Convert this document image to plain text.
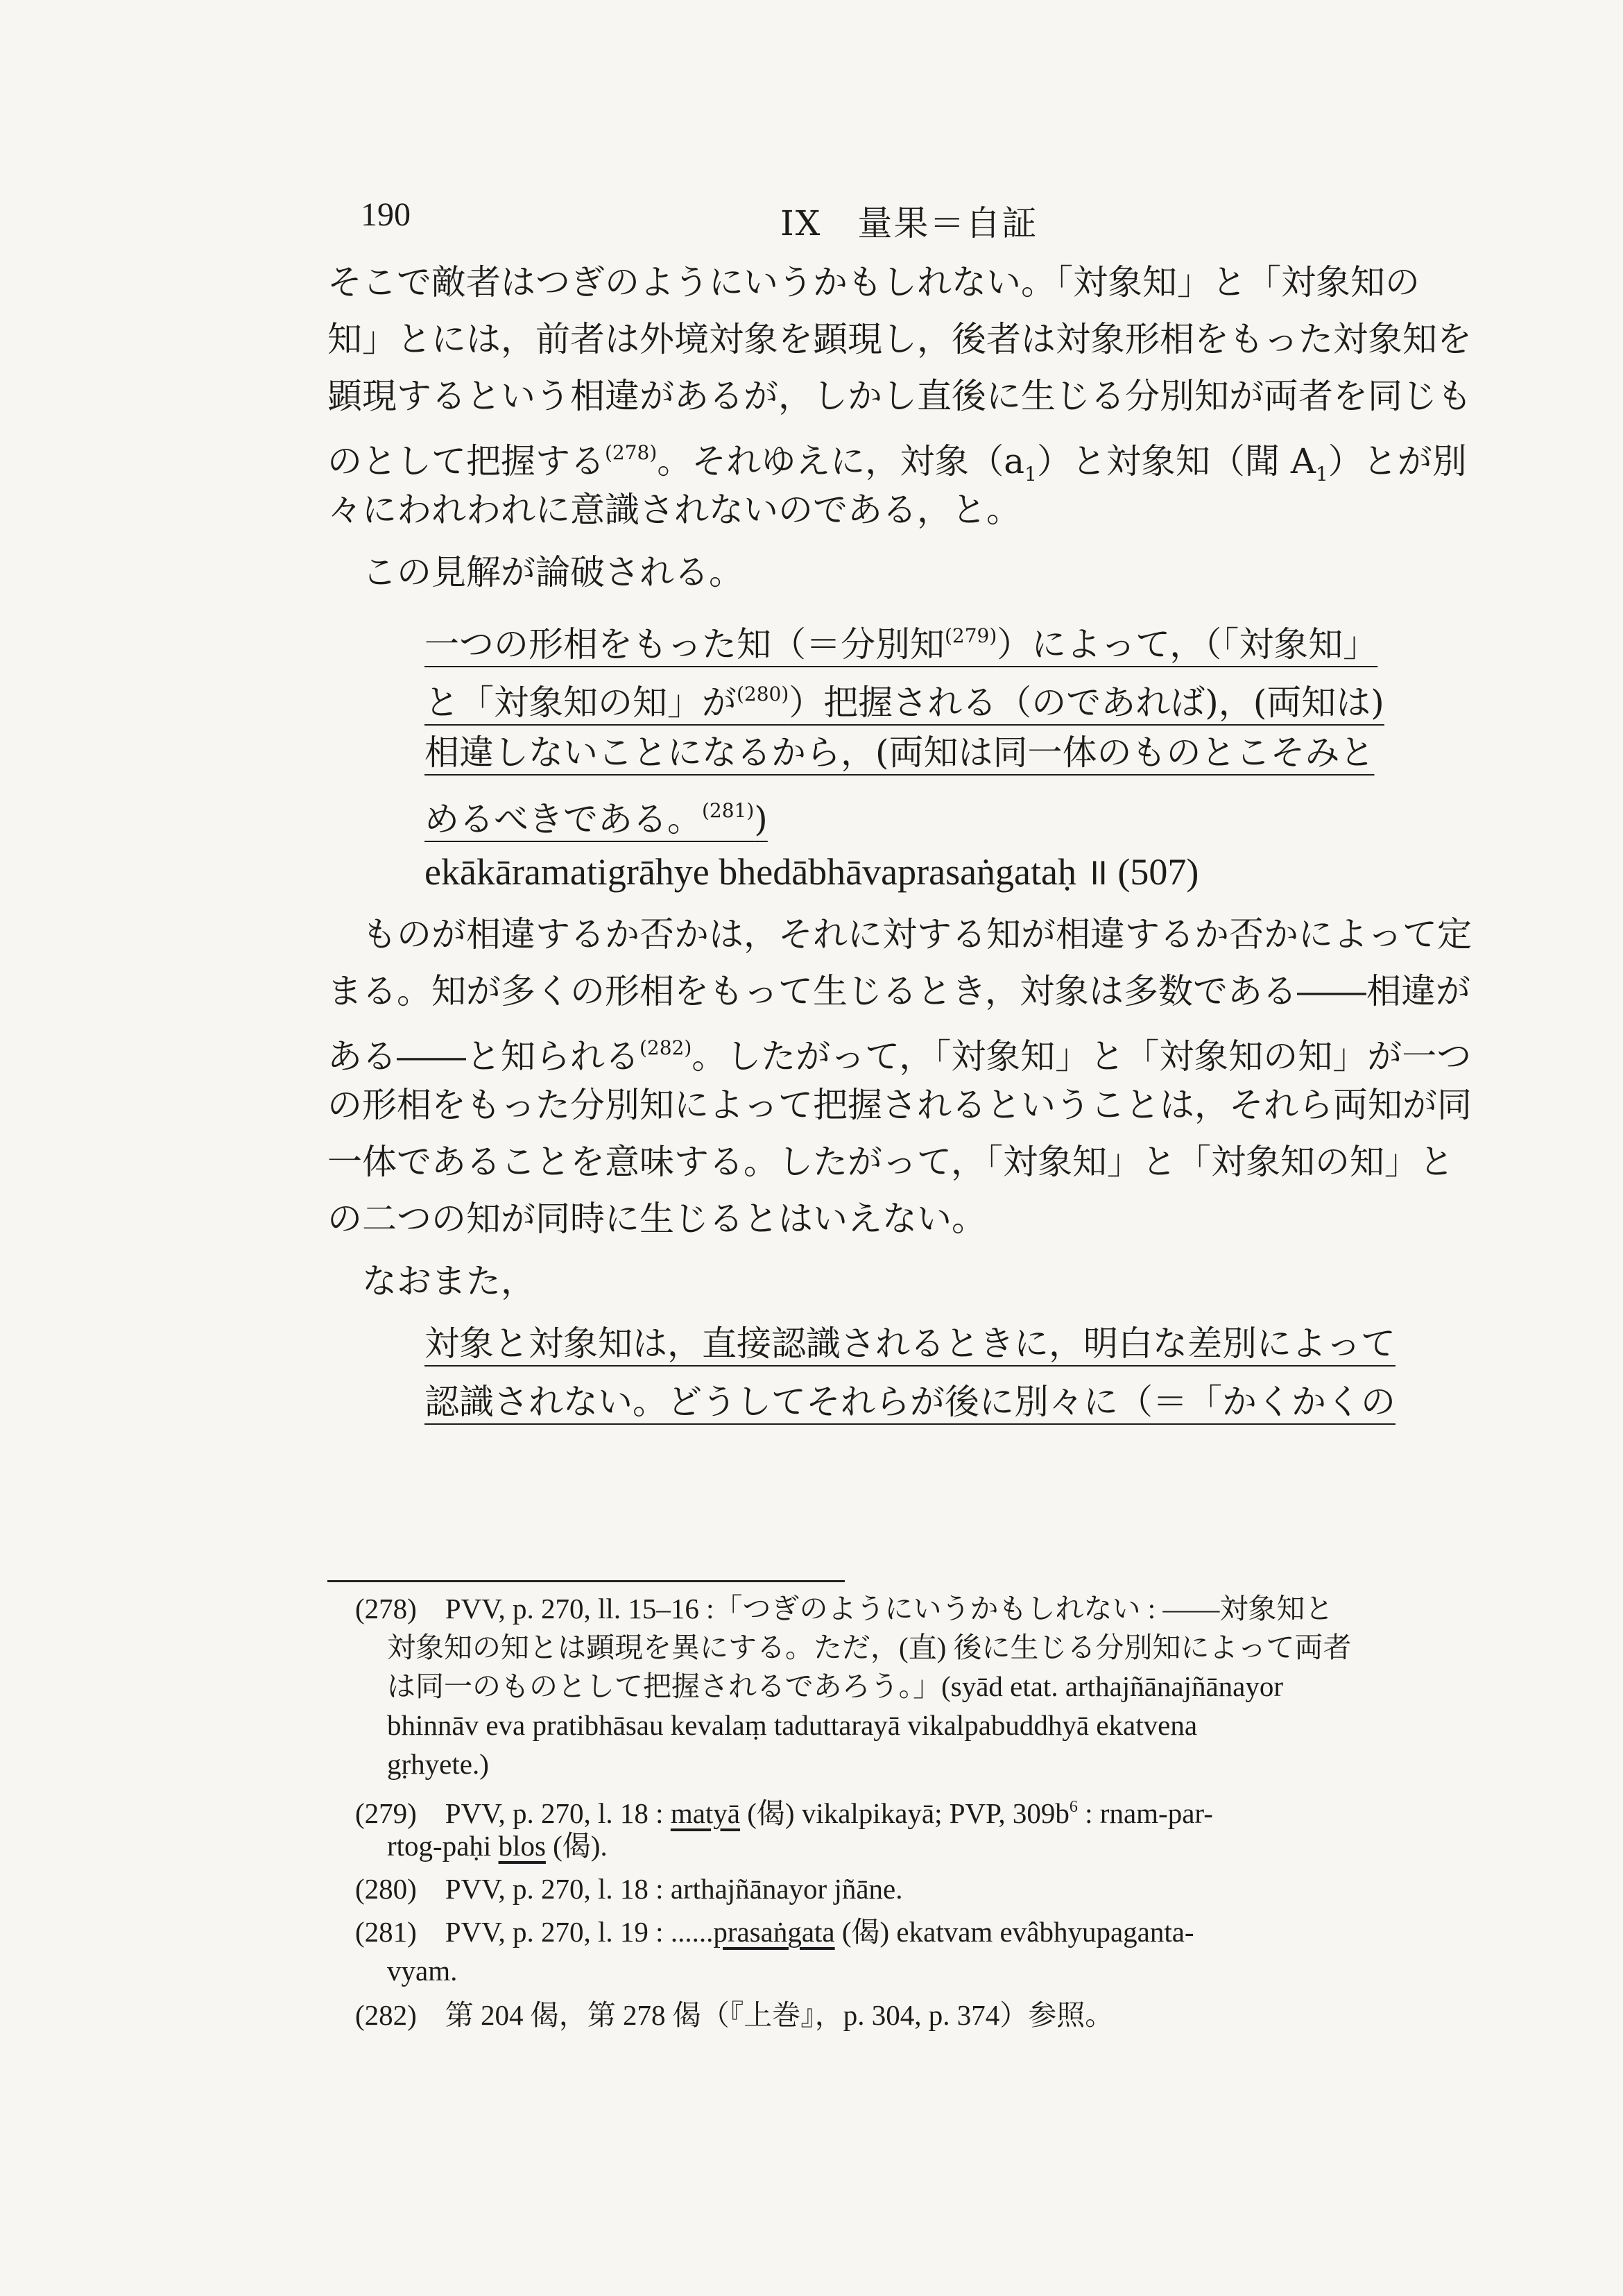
190	IX　量果＝自証
そこで敵者はつぎのようにいうかもしれない。「対象知」と「対象知の
知」とには，前者は外境対象を顕現し，後者は対象形相をもった対象知を
顕現するという相違があるが，しかし直後に生じる分別知が両者を同じも
のとして把握する$^{(278)}$。それゆえに，対象$(a_1)$と対象知（聞 $A_1$）とが別
々にわれわれに意識されないのである，と。
この見解が論破される。
一つの形相をもった知（＝分別知$^{(279)}$）によって，（「対象知」
と「対象知の知」が$^{(280)}$）把握される（のであれば)，(両知は)
相違しないことになるから，(両知は同一体のものとこそみと
めるべきである。$^{(281)}$)
ekākāramatigrāhye bhedābhāvaprasaṅgataḥ ॥ (507)
ものが相違するか否かは，それに対する知が相違するか否かによって定
まる。知が多くの形相をもって生じるとき，対象は多数である――相違が
ある――と知られる$^{(282)}$。したがって，「対象知」と「対象知の知」が一つ
の形相をもった分別知によって把握されるということは，それら両知が同
一体であることを意味する。したがって，「対象知」と「対象知の知」と
の二つの知が同時に生じるとはいえない。
なおまた，
対象と対象知は，直接認識されるときに，明白な差別によって
認識されない。どうしてそれらが後に別々に（＝「かくかくの
(278)　PVV, p. 270, ll. 15–16 :「つぎのようにいうかもしれない : ――対象知と
対象知の知とは顕現を異にする。ただ，(直) 後に生じる分別知によって両者
は同一のものとして把握されるであろう。」(syād etat. arthajñānajñānayor
bhinnāv eva pratibhāsau kevalaṃ taduttarayā vikalpabuddhyā ekatvena
gṛhyete.)
(279)　PVV, p. 270, l. 18 : matyā (偈) vikalpikayā; PVP, $309b^6$ : rnam-par-
rtog-paḥi blos (偈).
(280)　PVV, p. 270, l. 18 : arthajñānayor jñāne.
(281)　PVV, p. 270, l. 19 : ......prasaṅgata (偈) ekatvam evâbhyupaganta-
vyam.
(282)　第 204 偈，第 278 偈（『上巻』，p. 304, p. 374）参照。
